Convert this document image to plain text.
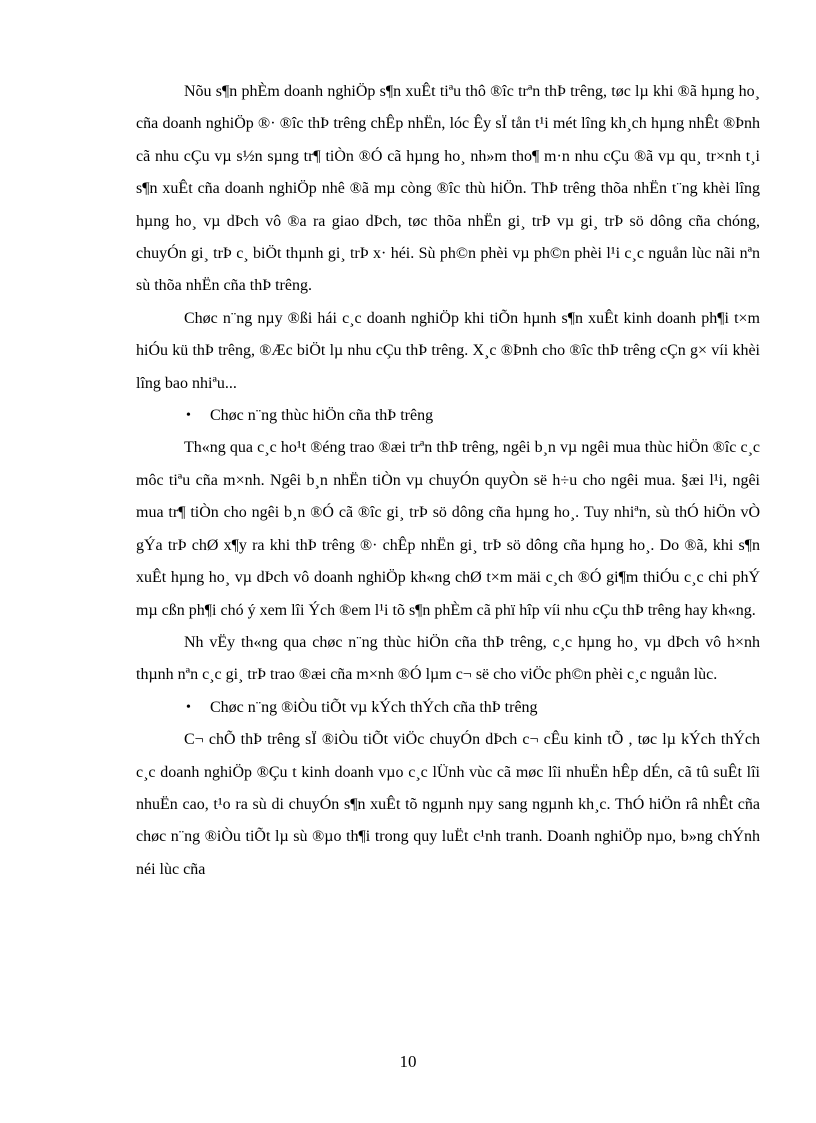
Nõu s¶n phÈm doanh nghiÖp s¶n xuÊt tiªu thô ®îc trªn thÞ trêng, tøc lµ khi ®ã hµng ho¸ cña doanh nghiÖp ®· ®îc thÞ trêng chÊp nhËn, lóc Êy sÏ tån t¹i mét lîng kh¸ch hµng nhÊt ®Þnh cã nhu cÇu vµ s½n sµng tr¶ tiÒn ®Ó cã hµng ho¸ nh»m tho¶ m·n nhu cÇu ®ã vµ qu¸ tr×nh t¸i s¶n xuÊt cña doanh nghiÖp nhê ®ã mµ còng ®îc thù hiÖn. ThÞ trêng thõa nhËn t¨ng khèi lîng hµng ho¸ vµ dÞch vô ®a ra giao dÞch, tøc thõa nhËn gi¸ trÞ vµ gi¸ trÞ sö dông cña chóng, chuyÓn gi¸ trÞ c¸ biÖt thµnh gi¸ trÞ x· héi. Sù ph©n phèi vµ ph©n phèi l¹i c¸c nguån lùc nãi nªn sù thõa nhËn cña thÞ trêng.

Chøc n¨ng nµy ®ßi hái c¸c doanh nghiÖp khi tiÕn hµnh s¶n xuÊt kinh doanh ph¶i t×m hiÓu kü thÞ trêng, ®Æc biÖt lµ nhu cÇu thÞ trêng. X¸c ®Þnh cho ®îc thÞ trêng cÇn g× víi khèi lîng bao nhiªu...

• Chøc n¨ng thùc hiÖn cña thÞ trêng

Th«ng qua c¸c ho¹t ®éng trao ®æi trªn thÞ trêng, ngêi b¸n vµ ngêi mua thùc hiÖn ®îc c¸c môc tiªu cña m×nh. Ngêi b¸n nhËn tiÒn vµ chuyÓn quyÒn së h÷u cho ngêi mua. §æi l¹i, ngêi mua tr¶ tiÒn cho ngêi b¸n ®Ó cã ®îc gi¸ trÞ sö dông cña hµng ho¸. Tuy nhiªn, sù thÓ hiÖn vÒ gÝa trÞ chØ x¶y ra khi thÞ trêng ®· chÊp nhËn gi¸ trÞ sö dông cña hµng ho¸. Do ®ã, khi s¶n xuÊt hµng ho¸ vµ dÞch vô doanh nghiÖp kh«ng chØ t×m mäi c¸ch ®Ó gi¶m thiÓu c¸c chi phÝ mµ cßn ph¶i chó ý xem lîi Ých ®em l¹i tõ s¶n phÈm cã phï hîp víi nhu cÇu thÞ trêng hay kh«ng.

Nh vËy th«ng qua chøc n¨ng thùc hiÖn cña thÞ trêng, c¸c hµng ho¸ vµ dÞch vô h×nh thµnh nªn c¸c gi¸ trÞ trao ®æi cña m×nh ®Ó lµm c¬ së cho viÖc ph©n phèi c¸c nguån lùc.

• Chøc n¨ng ®iÒu tiÕt vµ kÝch thÝch cña thÞ trêng

C¬ chÕ thÞ trêng sÏ ®iÒu tiÕt viÖc chuyÓn dÞch c¬ cÊu kinh tÕ , tøc lµ kÝch thÝch c¸c doanh nghiÖp ®Çu t kinh doanh vµo c¸c lÜnh vùc cã møc lîi nhuËn hÊp dÉn, cã tû suÊt lîi nhuËn cao, t¹o ra sù di chuyÓn s¶n xuÊt tõ ngµnh nµy sang ngµnh kh¸c. ThÓ hiÖn râ nhÊt cña chøc n¨ng ®iÒu tiÕt lµ sù ®µo th¶i trong quy luËt c¹nh tranh. Doanh nghiÖp nµo, b»ng chÝnh néi lùc cña

10
